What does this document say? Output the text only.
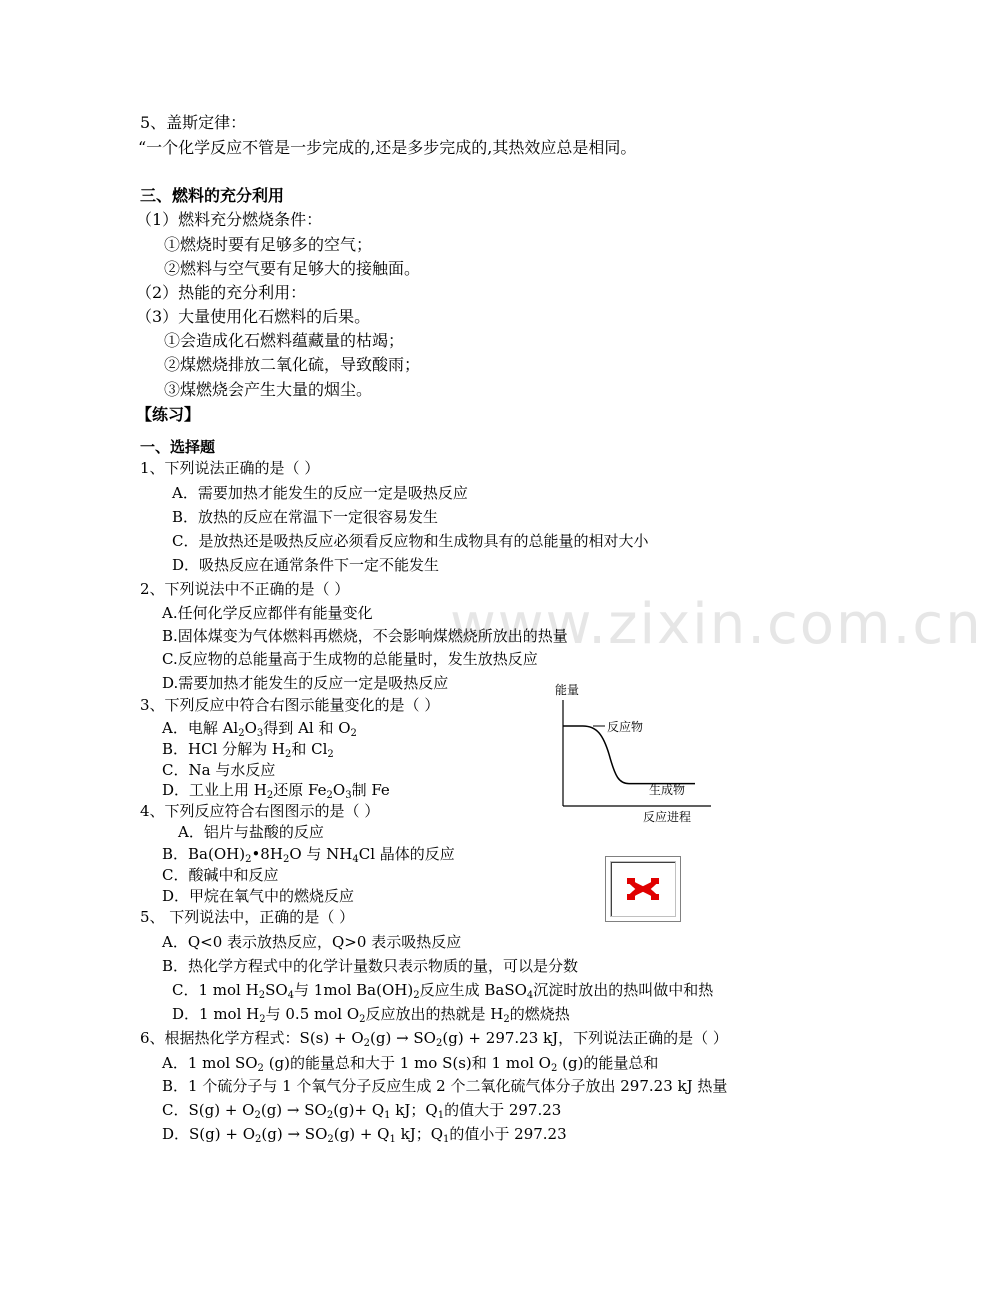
www.zixin.com.cn
5、盖斯定律：
“一个化学反应不管是一步完成的,还是多步完成的,其热效应总是相同。
三、燃料的充分利用
（1）燃料充分燃烧条件：
①燃烧时要有足够多的空气；
②燃料与空气要有足够大的接触面。
（2）热能的充分利用：
（3）大量使用化石燃料的后果。
①会造成化石燃料蕴藏量的枯竭；
②煤燃烧排放二氧化硫，导致酸雨；
③煤燃烧会产生大量的烟尘。
【练习】
一、选择题
1、下列说法正确的是（ ）
A．需要加热才能发生的反应一定是吸热反应
B．放热的反应在常温下一定很容易发生
C．是放热还是吸热反应必须看反应物和生成物具有的总能量的相对大小
D．吸热反应在通常条件下一定不能发生
2、下列说法中不正确的是（ ）
A.任何化学反应都伴有能量变化
B.固体煤变为气体燃料再燃烧，不会影响煤燃烧所放出的热量
C.反应物的总能量高于生成物的总能量时，发生放热反应
D.需要加热才能发生的反应一定是吸热反应
3、下列反应中符合右图示能量变化的是（ ）
A．电解 $Al_2O_3$得到 Al 和 $O_2$
B．HCl 分解为 $H_2$和 $Cl_2$
C．Na 与水反应
D．工业上用 $H_2$还原 $Fe_2O_3$制 Fe
4、下列反应符合右图图示的是（ ）
A．铝片与盐酸的反应
B．$Ba(OH)_2•8H_2O$ 与 $NH_4Cl$ 晶体的反应
C．酸碱中和反应
D．甲烷在氧气中的燃烧反应
5、 下列说法中，正确的是（ ）
A．Q<0 表示放热反应，Q>0 表示吸热反应
B．热化学方程式中的化学计量数只表示物质的量，可以是分数
C．1 mol $H_2SO_4$与 1mol $Ba(OH)_2$反应生成 BaSO$_4$沉淀时放出的热叫做中和热
D．1 mol $H_2$与 0.5 mol $O_2$反应放出的热就是 $H_2$的燃烧热
6、根据热化学方程式：$S(s) + O_2(g) \to SO_2(g) + 297.23$ kJ，下列说法正确的是（ ）
A．1 mol $SO_2$ (g)的能量总和大于 1 mo S(s)和 1 mol $O_2$ (g)的能量总和
B．1 个硫分子与 1 个氧气分子反应生成 2 个二氧化硫气体分子放出 297.23 kJ 热量
C．$S(g) + O_2(g) \to SO_2(g)+ Q_1$ kJ；$Q_1$的值大于 297.23
D．$S(g) + O_2(g) \to SO_2(g) + Q_1$ kJ；$Q_1$的值小于 297.23
能量
反应物
生成物
反应进程
